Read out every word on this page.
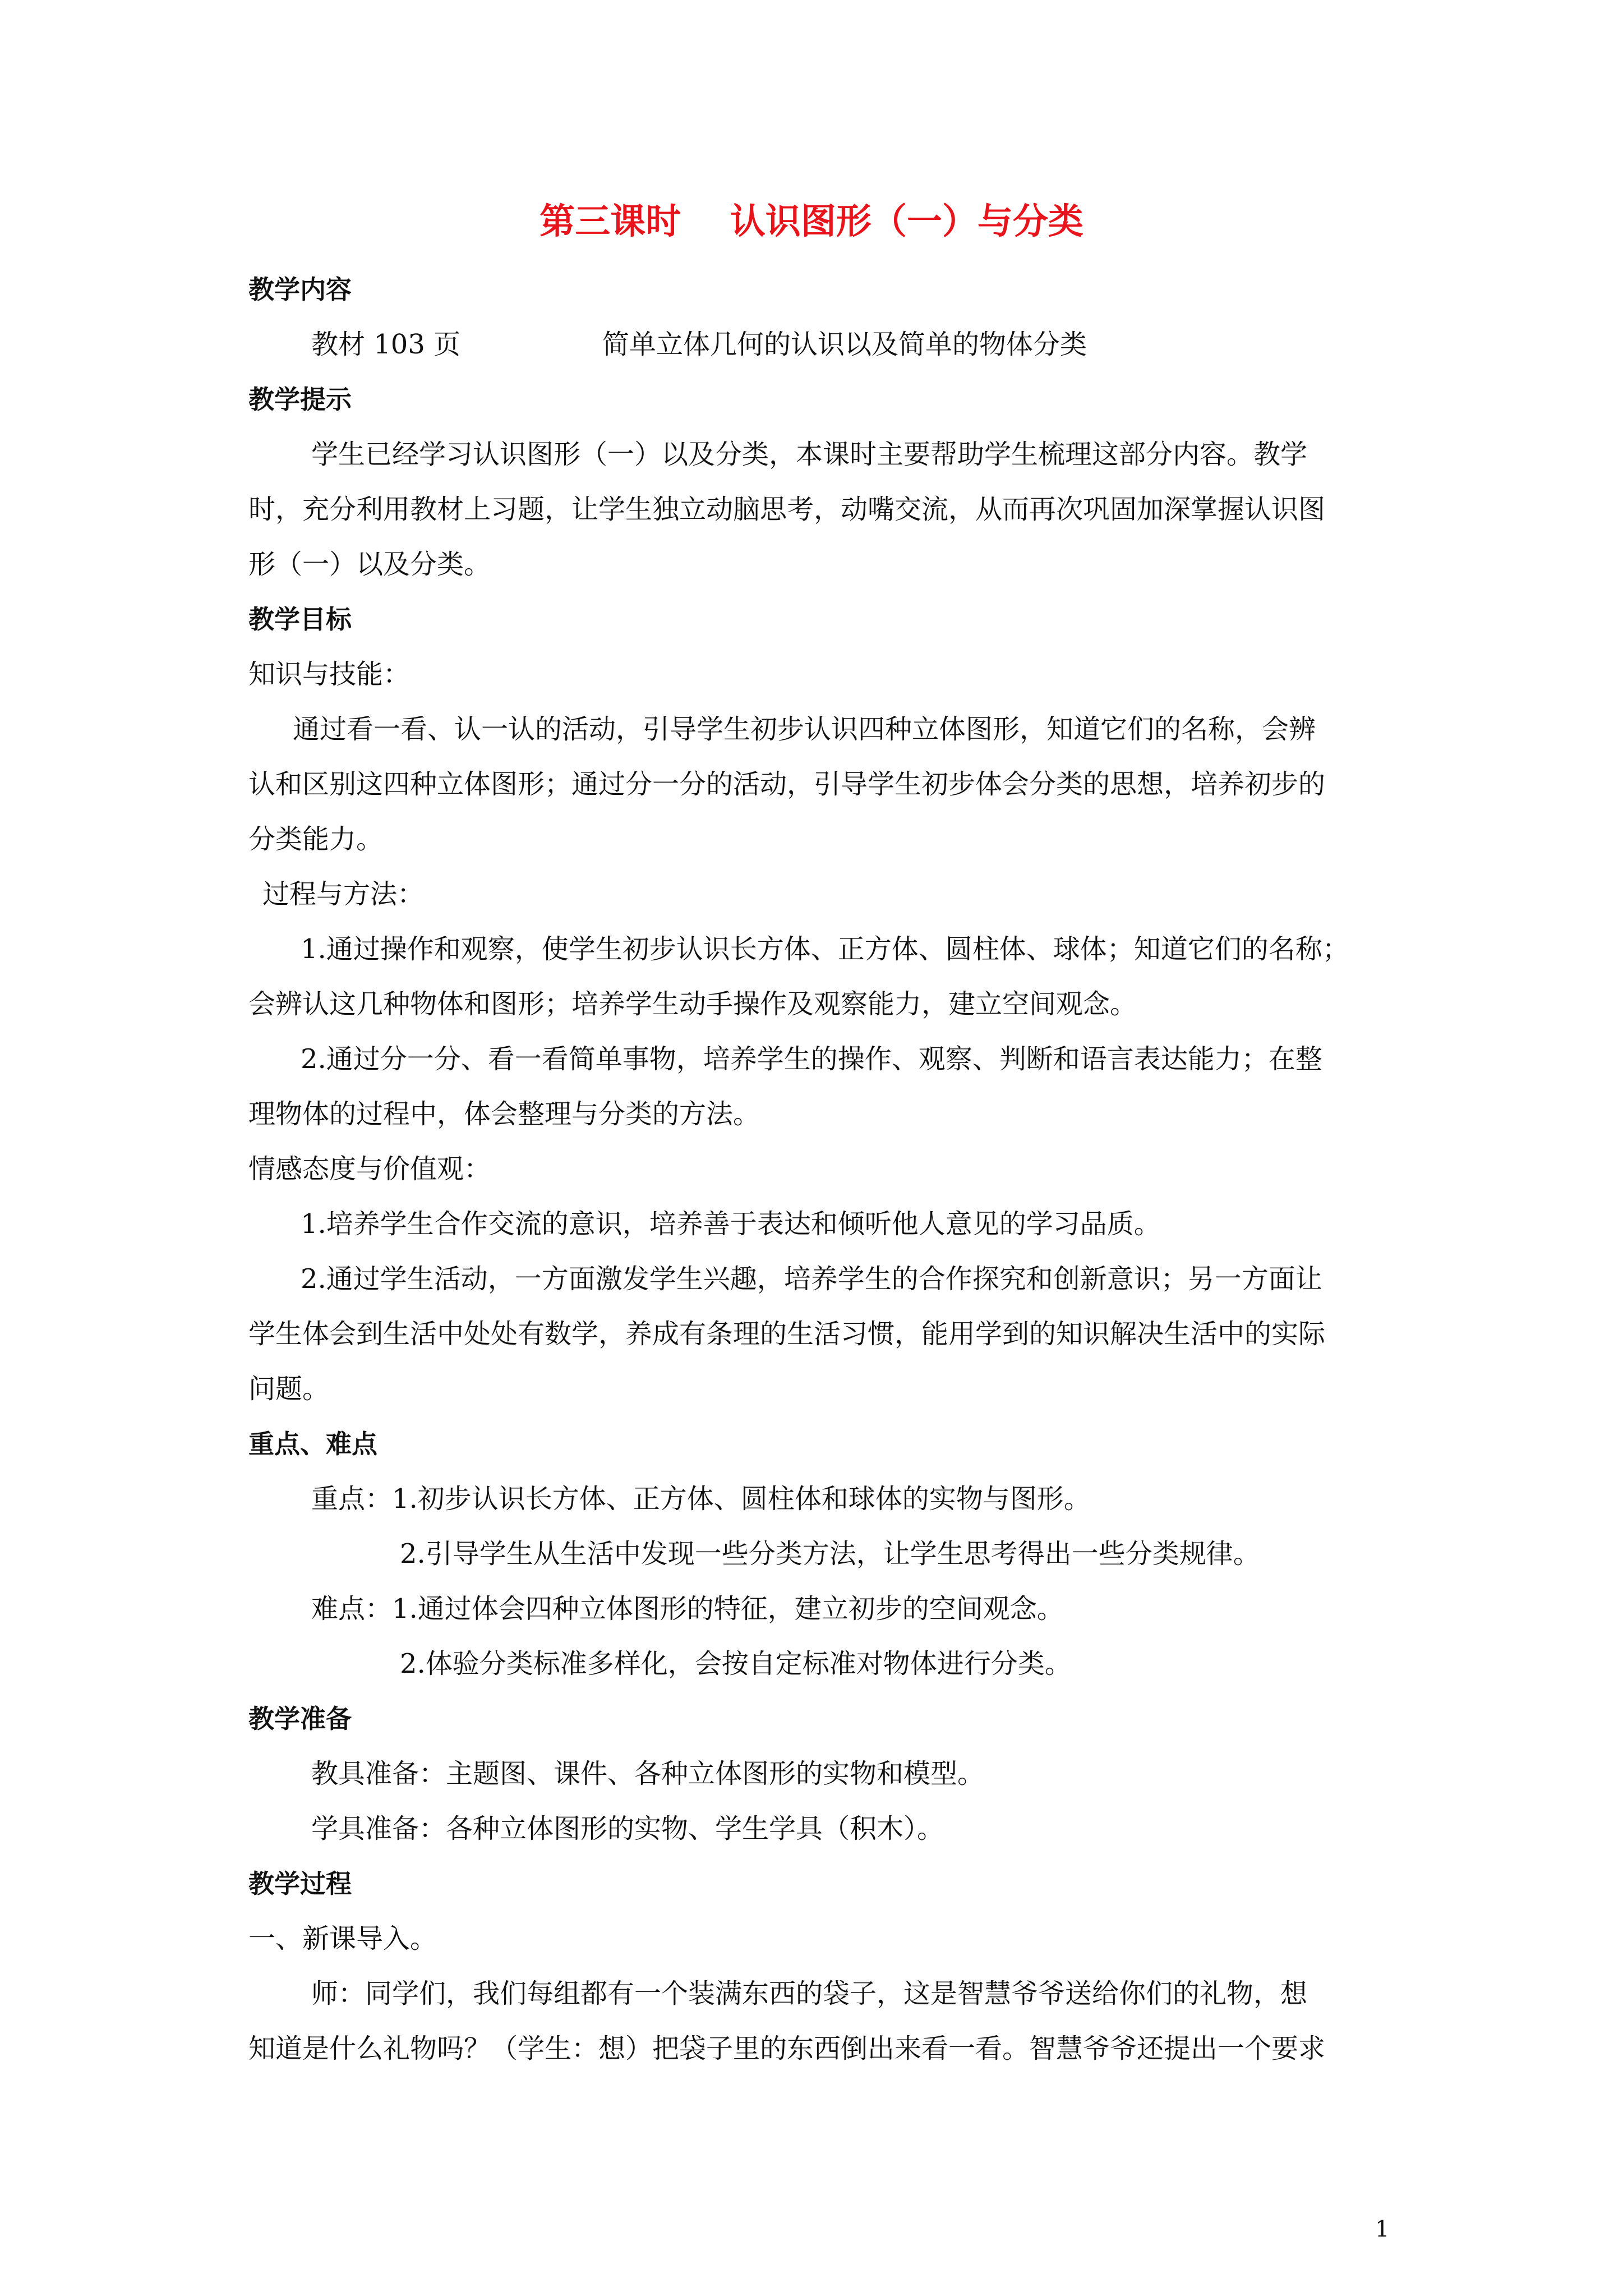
第三课时    认识图形（一）与分类
教学内容
教材 103 页	简单立体几何的认识以及简单的物体分类
教学提示
学生已经学习认识图形（一）以及分类，本课时主要帮助学生梳理这部分内容。教学
时，充分利用教材上习题，让学生独立动脑思考，动嘴交流，从而再次巩固加深掌握认识图
形（一）以及分类。
教学目标
知识与技能：
通过看一看、认一认的活动，引导学生初步认识四种立体图形，知道它们的名称，会辨
认和区别这四种立体图形；通过分一分的活动，引导学生初步体会分类的思想，培养初步的
分类能力。
过程与方法：
1.通过操作和观察，使学生初步认识长方体、正方体、圆柱体、球体；知道它们的名称；
会辨认这几种物体和图形；培养学生动手操作及观察能力，建立空间观念。
2.通过分一分、看一看简单事物，培养学生的操作、观察、判断和语言表达能力；在整
理物体的过程中，体会整理与分类的方法。
情感态度与价值观：
1.培养学生合作交流的意识，培养善于表达和倾听他人意见的学习品质。
2.通过学生活动，一方面激发学生兴趣，培养学生的合作探究和创新意识；另一方面让
学生体会到生活中处处有数学，养成有条理的生活习惯，能用学到的知识解决生活中的实际
问题。
重点、难点
重点：1.初步认识长方体、正方体、圆柱体和球体的实物与图形。
2.引导学生从生活中发现一些分类方法，让学生思考得出一些分类规律。
难点：1.通过体会四种立体图形的特征，建立初步的空间观念。
2.体验分类标准多样化，会按自定标准对物体进行分类。
教学准备
教具准备：主题图、课件、各种立体图形的实物和模型。
学具准备：各种立体图形的实物、学生学具（积木）。
教学过程
一、新课导入。
师：同学们，我们每组都有一个装满东西的袋子，这是智慧爷爷送给你们的礼物，想
知道是什么礼物吗？（学生：想）把袋子里的东西倒出来看一看。智慧爷爷还提出一个要求
1
